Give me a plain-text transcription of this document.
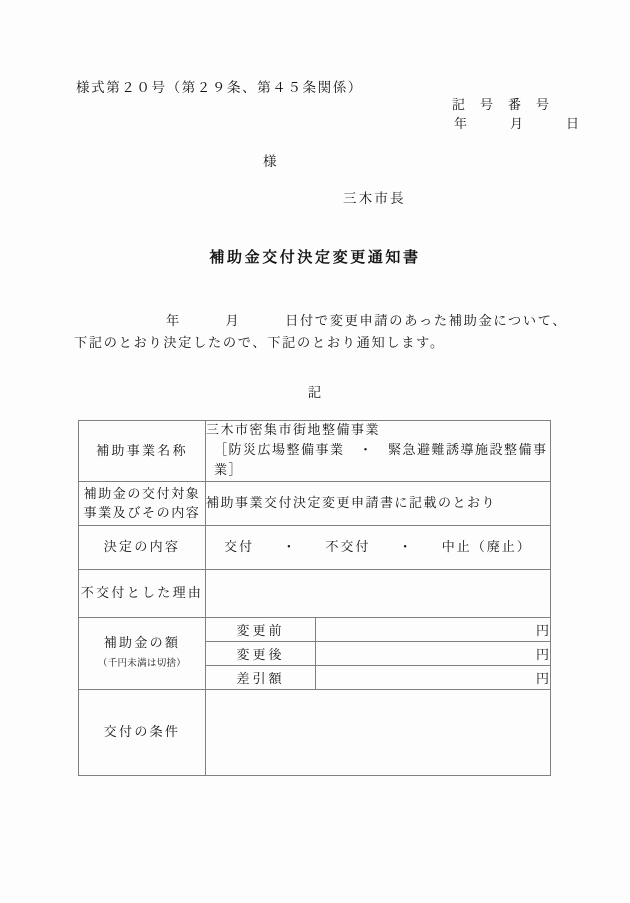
様式第２０号（第２９条、第４５条関係）
記　号　番　号
年　　　月　　　日
様
三木市長
補助金交付決定変更通知書
年　　　月　　　日付で変更申請のあった補助金について、
下記のとおり決定したので、下記のとおり通知します。
記
補助事業名称	三木市密集市街地整備事業
［防災広場整備事業　・　緊急避難誘導施設整備事業］	

補助金の交付対象 事業及びその内容	補助事業交付決定変更申請書に記載のとおり	
決定の内容	交付 ・ 不交付 ・ 中止（廃止）	
不交付とした理由		
補助金の額
（千円未満は切捨）	変更前	円
	変更後	円
	差引額	円
交付の条件		
